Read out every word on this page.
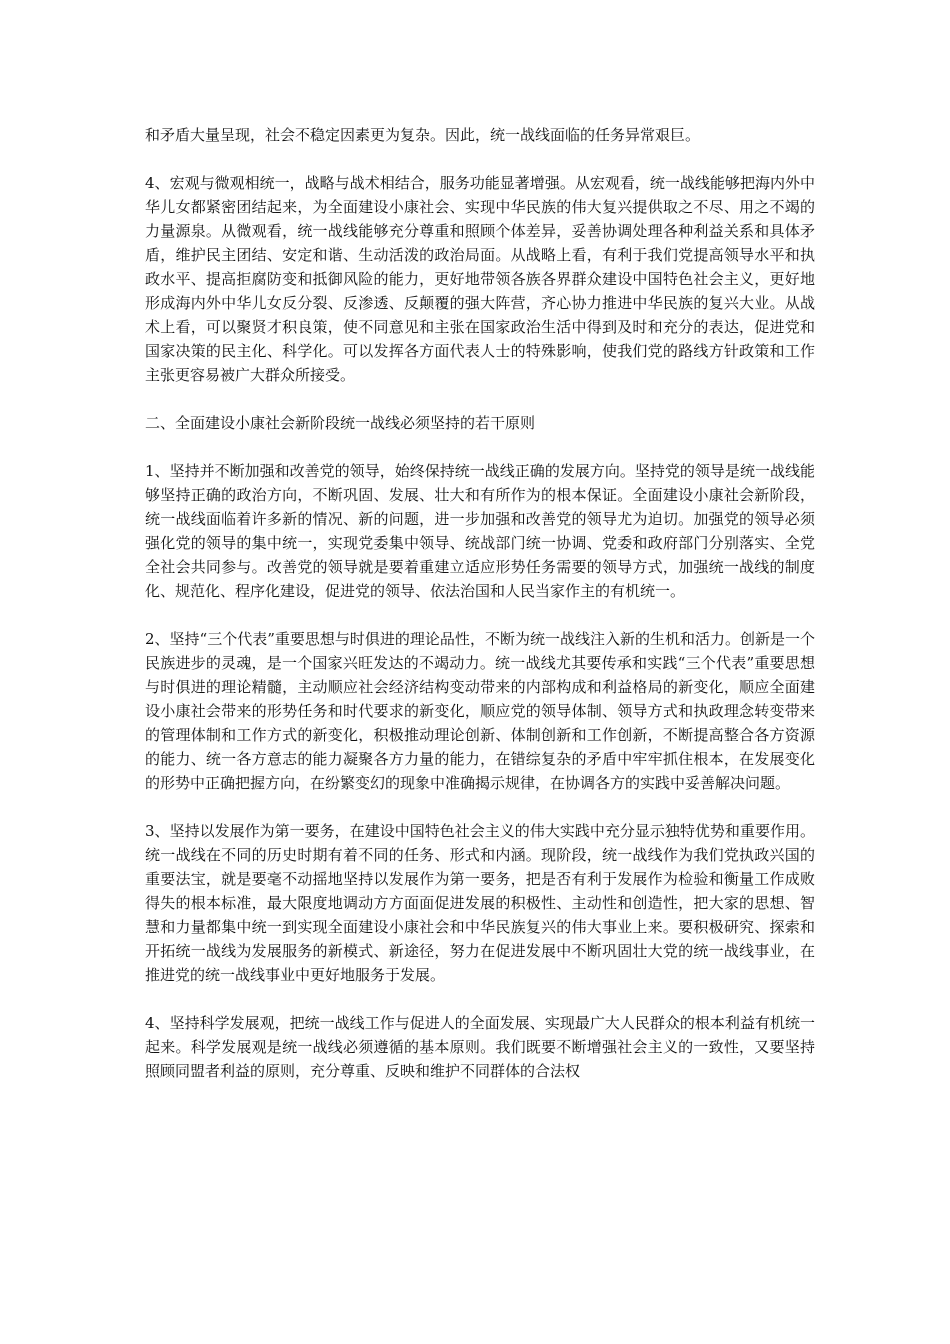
和矛盾大量呈现，社会不稳定因素更为复杂。因此，统一战线面临的任务异常艰巨。

4、宏观与微观相统一，战略与战术相结合，服务功能显著增强。从宏观看，统一战线能够把海内外中华儿女都紧密团结起来，为全面建设小康社会、实现中华民族的伟大复兴提供取之不尽、用之不竭的力量源泉。从微观看，统一战线能够充分尊重和照顾个体差异，妥善协调处理各种利益关系和具体矛盾，维护民主团结、安定和谐、生动活泼的政治局面。从战略上看，有利于我们党提高领导水平和执政水平、提高拒腐防变和抵御风险的能力，更好地带领各族各界群众建设中国特色社会主义，更好地形成海内外中华儿女反分裂、反渗透、反颠覆的强大阵营，齐心协力推进中华民族的复兴大业。从战术上看，可以聚贤才积良策，使不同意见和主张在国家政治生活中得到及时和充分的表达，促进党和国家决策的民主化、科学化。可以发挥各方面代表人士的特殊影响，使我们党的路线方针政策和工作主张更容易被广大群众所接受。

二、全面建设小康社会新阶段统一战线必须坚持的若干原则

1、坚持并不断加强和改善党的领导，始终保持统一战线正确的发展方向。坚持党的领导是统一战线能够坚持正确的政治方向，不断巩固、发展、壮大和有所作为的根本保证。全面建设小康社会新阶段，统一战线面临着许多新的情况、新的问题，进一步加强和改善党的领导尤为迫切。加强党的领导必须强化党的领导的集中统一，实现党委集中领导、统战部门统一协调、党委和政府部门分别落实、全党全社会共同参与。改善党的领导就是要着重建立适应形势任务需要的领导方式，加强统一战线的制度化、规范化、程序化建设，促进党的领导、依法治国和人民当家作主的有机统一。

2、坚持“三个代表”重要思想与时俱进的理论品性，不断为统一战线注入新的生机和活力。创新是一个民族进步的灵魂，是一个国家兴旺发达的不竭动力。统一战线尤其要传承和实践“三个代表”重要思想与时俱进的理论精髓，主动顺应社会经济结构变动带来的内部构成和利益格局的新变化，顺应全面建设小康社会带来的形势任务和时代要求的新变化，顺应党的领导体制、领导方式和执政理念转变带来的管理体制和工作方式的新变化，积极推动理论创新、体制创新和工作创新，不断提高整合各方资源的能力、统一各方意志的能力凝聚各方力量的能力，在错综复杂的矛盾中牢牢抓住根本，在发展变化的形势中正确把握方向，在纷繁变幻的现象中准确揭示规律，在协调各方的实践中妥善解决问题。

3、坚持以发展作为第一要务，在建设中国特色社会主义的伟大实践中充分显示独特优势和重要作用。统一战线在不同的历史时期有着不同的任务、形式和内涵。现阶段，统一战线作为我们党执政兴国的重要法宝，就是要毫不动摇地坚持以发展作为第一要务，把是否有利于发展作为检验和衡量工作成败得失的根本标准，最大限度地调动方方面面促进发展的积极性、主动性和创造性，把大家的思想、智慧和力量都集中统一到实现全面建设小康社会和中华民族复兴的伟大事业上来。要积极研究、探索和开拓统一战线为发展服务的新模式、新途径，努力在促进发展中不断巩固壮大党的统一战线事业，在推进党的统一战线事业中更好地服务于发展。

4、坚持科学发展观，把统一战线工作与促进人的全面发展、实现最广大人民群众的根本利益有机统一起来。科学发展观是统一战线必须遵循的基本原则。我们既要不断增强社会主义的一致性，又要坚持照顾同盟者利益的原则，充分尊重、反映和维护不同群体的合法权
